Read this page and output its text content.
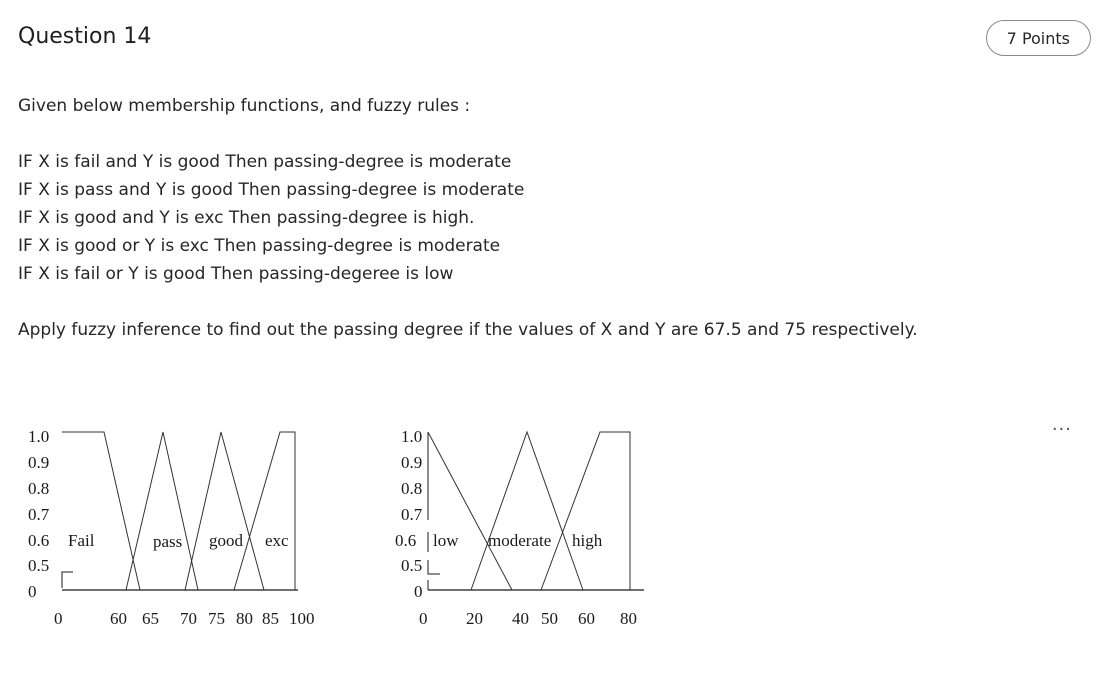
Question 14	7 Points

Given below membership functions, and fuzzy rules :

IF X is fail and Y is good Then passing-degree is moderate

IF X is pass and Y is good Then passing-degree is moderate

IF X is good and Y is exc Then passing-degree is high.

IF X is good or Y is exc Then passing-degree is moderate

IF X is fail or Y is good Then passing-degeree is low

Apply fuzzy inference to find out the passing degree if the values of X and Y are 67.5 and 75 respectively.

...
1.0
0.9
0.8
0.7
0.6
0.5
0
Fail	pass good exc
0	60 65 70 75 80 85 100
1.0
0.9
0.8
0.7
0.6
0.5
0
low moderate high
0 20 40 50 60 80
